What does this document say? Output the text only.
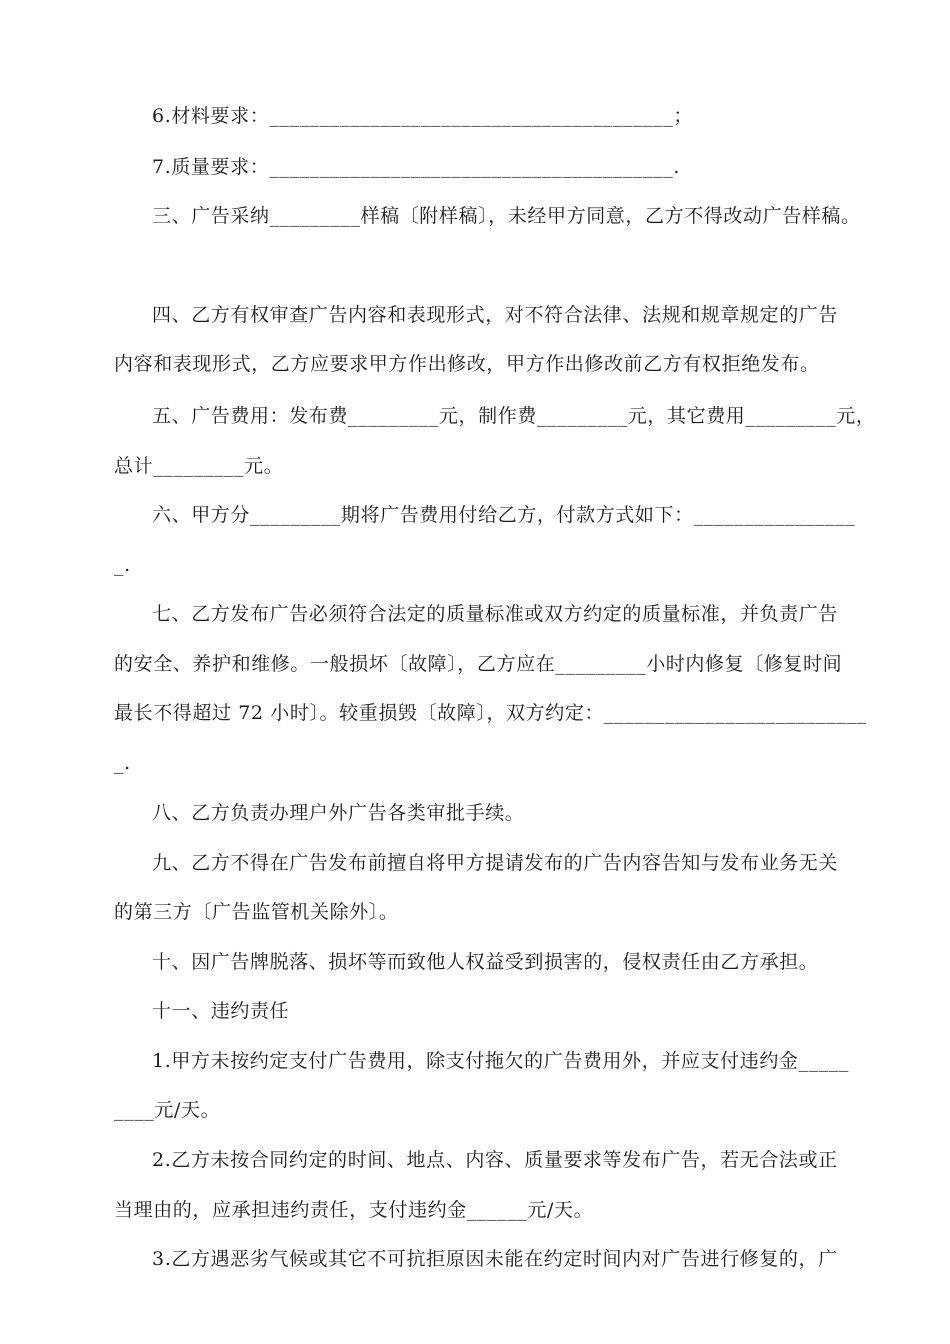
6.材料要求：________________________________________；
7.质量要求：________________________________________.
三、广告采纳_________样稿〔附样稿〕，未经甲方同意，乙方不得改动广告样稿。
四、乙方有权审查广告内容和表现形式，对不符合法律、法规和规章规定的广告
内容和表现形式，乙方应要求甲方作出修改，甲方作出修改前乙方有权拒绝发布。
五、广告费用：发布费_________元，制作费_________元，其它费用_________元，
总计_________元。
六、甲方分_________期将广告费用付给乙方，付款方式如下：________________
_.
七、乙方发布广告必须符合法定的质量标准或双方约定的质量标准，并负责广告
的安全、养护和维修。一般损坏〔故障〕，乙方应在_________小时内修复〔修复时间
最长不得超过 72 小时〕。较重损毁〔故障〕，双方约定：__________________________
_.
八、乙方负责办理户外广告各类审批手续。
九、乙方不得在广告发布前擅自将甲方提请发布的广告内容告知与发布业务无关
的第三方〔广告监管机关除外〕。
十、因广告牌脱落、损坏等而致他人权益受到损害的，侵权责任由乙方承担。
十一、违约责任
1.甲方未按约定支付广告费用，除支付拖欠的广告费用外，并应支付违约金_____
____元/天。
2.乙方未按合同约定的时间、地点、内容、质量要求等发布广告，若无合法或正
当理由的，应承担违约责任，支付违约金______元/天。
3.乙方遇恶劣气候或其它不可抗拒原因未能在约定时间内对广告进行修复的，广
